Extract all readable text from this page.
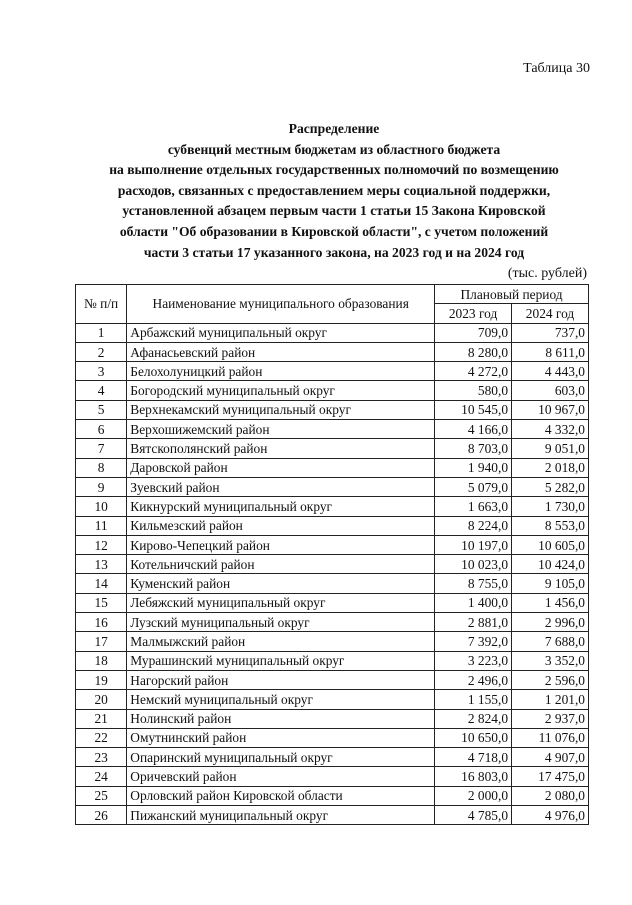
Таблица 30
Распределение
субвенций местным бюджетам из областного бюджета
на выполнение отдельных государственных полномочий по возмещению
расходов, связанных с предоставлением меры социальной поддержки,
установленной абзацем первым части 1 статьи 15 Закона Кировской
области "Об образовании в Кировской области", с учетом положений
части 3 статьи 17 указанного закона, на 2023 год и на 2024 год
(тыс. рублей)
№ п/п	Наименование муниципального образования	Плановый период	
		2023 год	2024 год
1	Арбажский муниципальный округ	709,0	737,0
2	Афанасьевский район	8 280,0	8 611,0
3	Белохолуницкий район	4 272,0	4 443,0
4	Богородский муниципальный округ	580,0	603,0
5	Верхнекамский муниципальный округ	10 545,0	10 967,0
6	Верхошижемский район	4 166,0	4 332,0
7	Вятскополянский район	8 703,0	9 051,0
8	Даровской район	1 940,0	2 018,0
9	Зуевский район	5 079,0	5 282,0
10	Кикнурский муниципальный округ	1 663,0	1 730,0
11	Кильмезский район	8 224,0	8 553,0
12	Кирово-Чепецкий район	10 197,0	10 605,0
13	Котельничский район	10 023,0	10 424,0
14	Куменский район	8 755,0	9 105,0
15	Лебяжский муниципальный округ	1 400,0	1 456,0
16	Лузский муниципальный округ	2 881,0	2 996,0
17	Малмыжский район	7 392,0	7 688,0
18	Мурашинский муниципальный округ	3 223,0	3 352,0
19	Нагорский район	2 496,0	2 596,0
20	Немский муниципальный округ	1 155,0	1 201,0
21	Нолинский район	2 824,0	2 937,0
22	Омутнинский район	10 650,0	11 076,0
23	Опаринский муниципальный округ	4 718,0	4 907,0
24	Оричевский район	16 803,0	17 475,0
25	Орловский район Кировской области	2 000,0	2 080,0
26	Пижанский муниципальный округ	4 785,0	4 976,0
